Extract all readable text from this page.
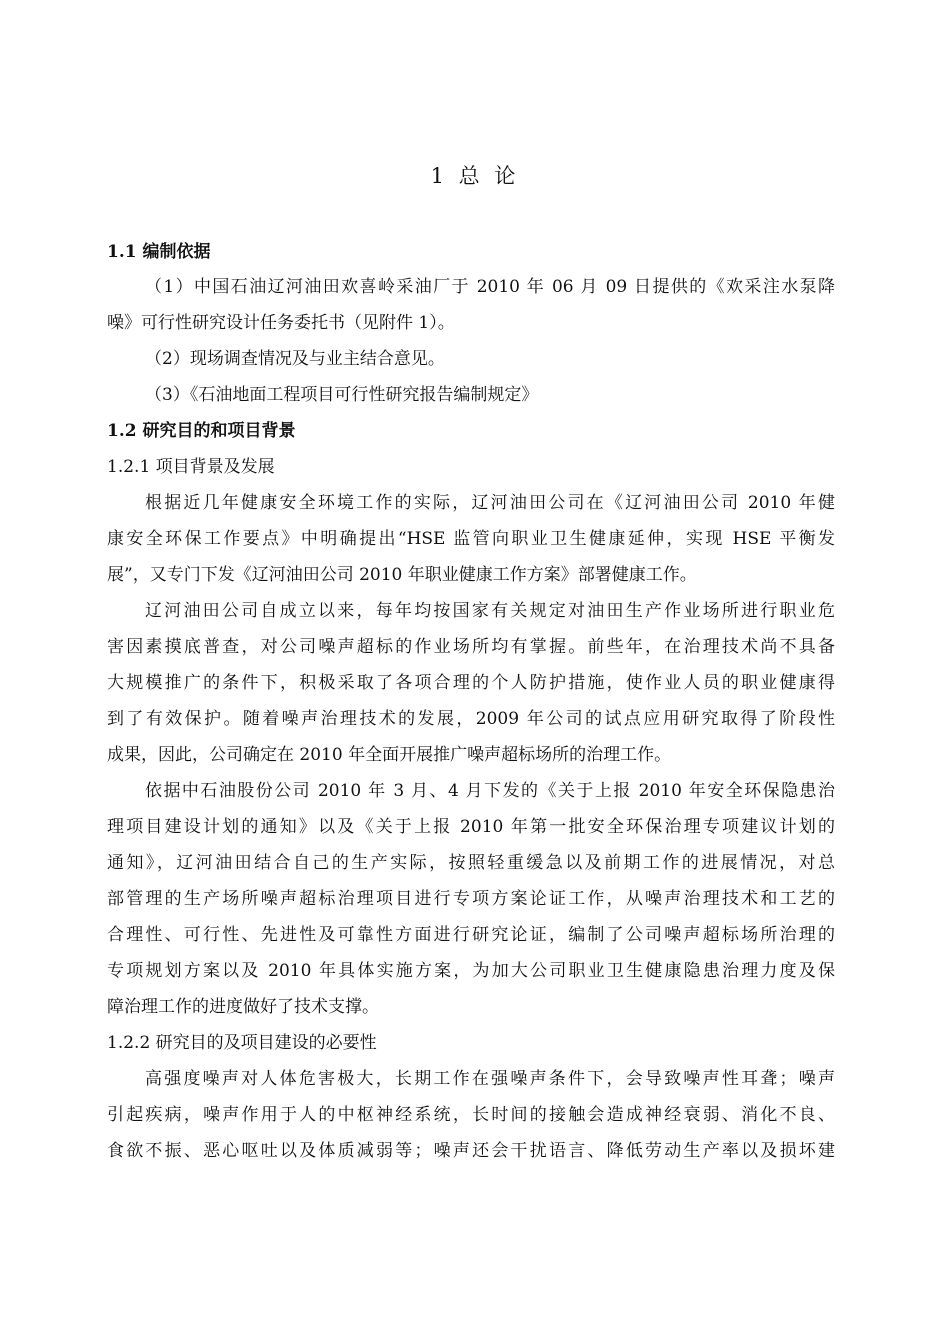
1 总 论
1.1 编制依据
（1）中国石油辽河油田欢喜岭采油厂于 2010 年 06 月 09 日提供的《欢采注水泵降
噪》可行性研究设计任务委托书（见附件 1）。
（2）现场调查情况及与业主结合意见。
（3）《石油地面工程项目可行性研究报告编制规定》
1.2 研究目的和项目背景
1.2.1 项目背景及发展
根据近几年健康安全环境工作的实际，辽河油田公司在《辽河油田公司 2010 年健
康安全环保工作要点》中明确提出“HSE 监管向职业卫生健康延伸，实现 HSE 平衡发
展”，又专门下发《辽河油田公司 2010 年职业健康工作方案》部署健康工作。
辽河油田公司自成立以来，每年均按国家有关规定对油田生产作业场所进行职业危
害因素摸底普查，对公司噪声超标的作业场所均有掌握。前些年，在治理技术尚不具备
大规模推广的条件下，积极采取了各项合理的个人防护措施，使作业人员的职业健康得
到了有效保护。随着噪声治理技术的发展，2009 年公司的试点应用研究取得了阶段性
成果，因此，公司确定在 2010 年全面开展推广噪声超标场所的治理工作。
依据中石油股份公司 2010 年 3 月、4 月下发的《关于上报 2010 年安全环保隐患治
理项目建设计划的通知》以及《关于上报 2010 年第一批安全环保治理专项建议计划的
通知》，辽河油田结合自己的生产实际，按照轻重缓急以及前期工作的进展情况，对总
部管理的生产场所噪声超标治理项目进行专项方案论证工作，从噪声治理技术和工艺的
合理性、可行性、先进性及可靠性方面进行研究论证，编制了公司噪声超标场所治理的
专项规划方案以及 2010 年具体实施方案，为加大公司职业卫生健康隐患治理力度及保
障治理工作的进度做好了技术支撑。
1.2.2 研究目的及项目建设的必要性
高强度噪声对人体危害极大，长期工作在强噪声条件下，会导致噪声性耳聋；噪声
引起疾病，噪声作用于人的中枢神经系统，长时间的接触会造成神经衰弱、消化不良、
食欲不振、恶心呕吐以及体质减弱等；噪声还会干扰语言、降低劳动生产率以及损坏建
